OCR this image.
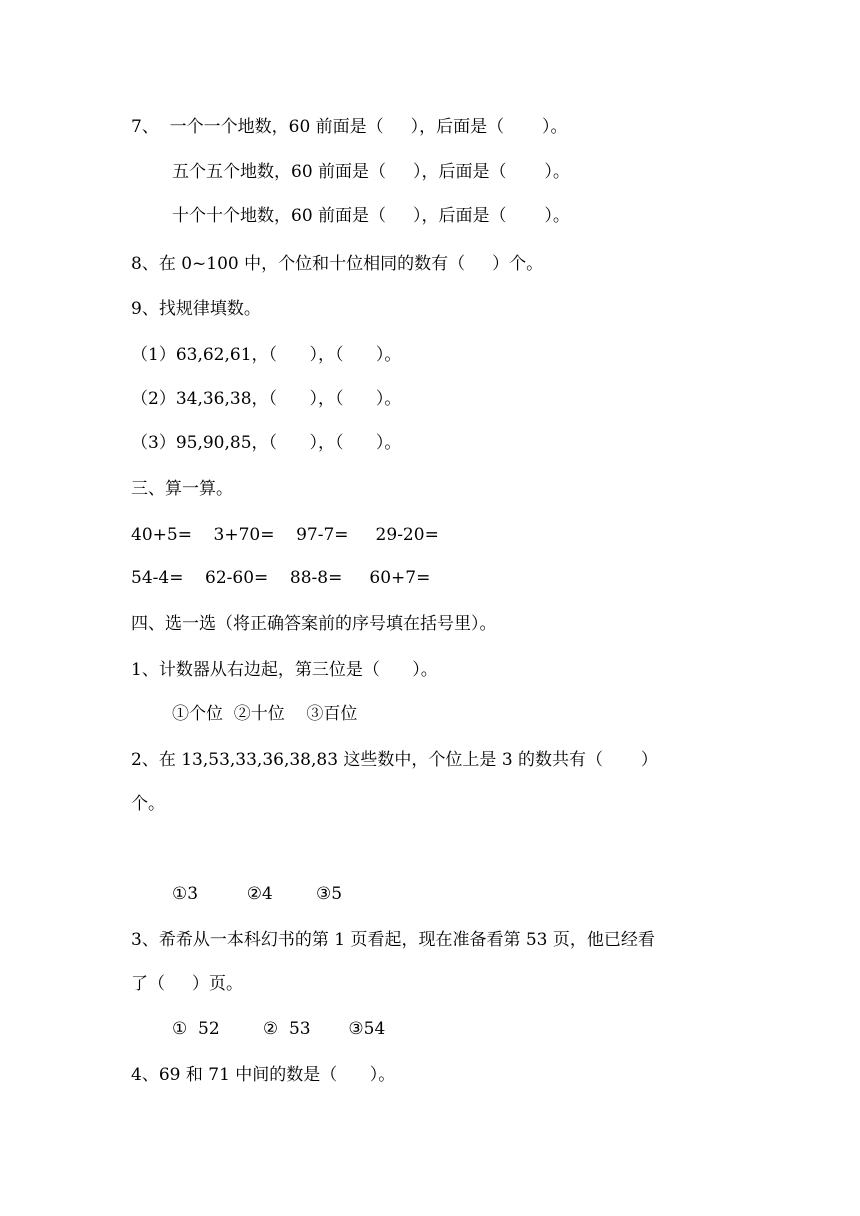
7、  一个一个地数，60 前面是（     ），后面是（       ）。
五个五个地数，60 前面是（     ），后面是（       ）。
十个十个地数，60 前面是（     ），后面是（       ）。
8、在 0~100 中，个位和十位相同的数有（     ）个。
9、找规律填数。
（1）63,62,61，（      ），（      ）。
（2）34,36,38，（      ），（      ）。
（3）95,90,85，（      ），（      ）。
三、算一算。
40+5=    3+70=    97-7=     29-20=
54-4=    62-60=    88-8=     60+7=
四、选一选（将正确答案前的序号填在括号里）。
1、计数器从右边起，第三位是（      ）。
①个位  ②十位    ③百位
2、在 13,53,33,36,38,83 这些数中，个位上是 3 的数共有（       ）
个。
①3         ②4        ③5
3、希希从一本科幻书的第 1 页看起，现在准备看第 53 页，他已经看
了（     ）页。
①  52        ②  53       ③54
4、69 和 71 中间的数是（      ）。
